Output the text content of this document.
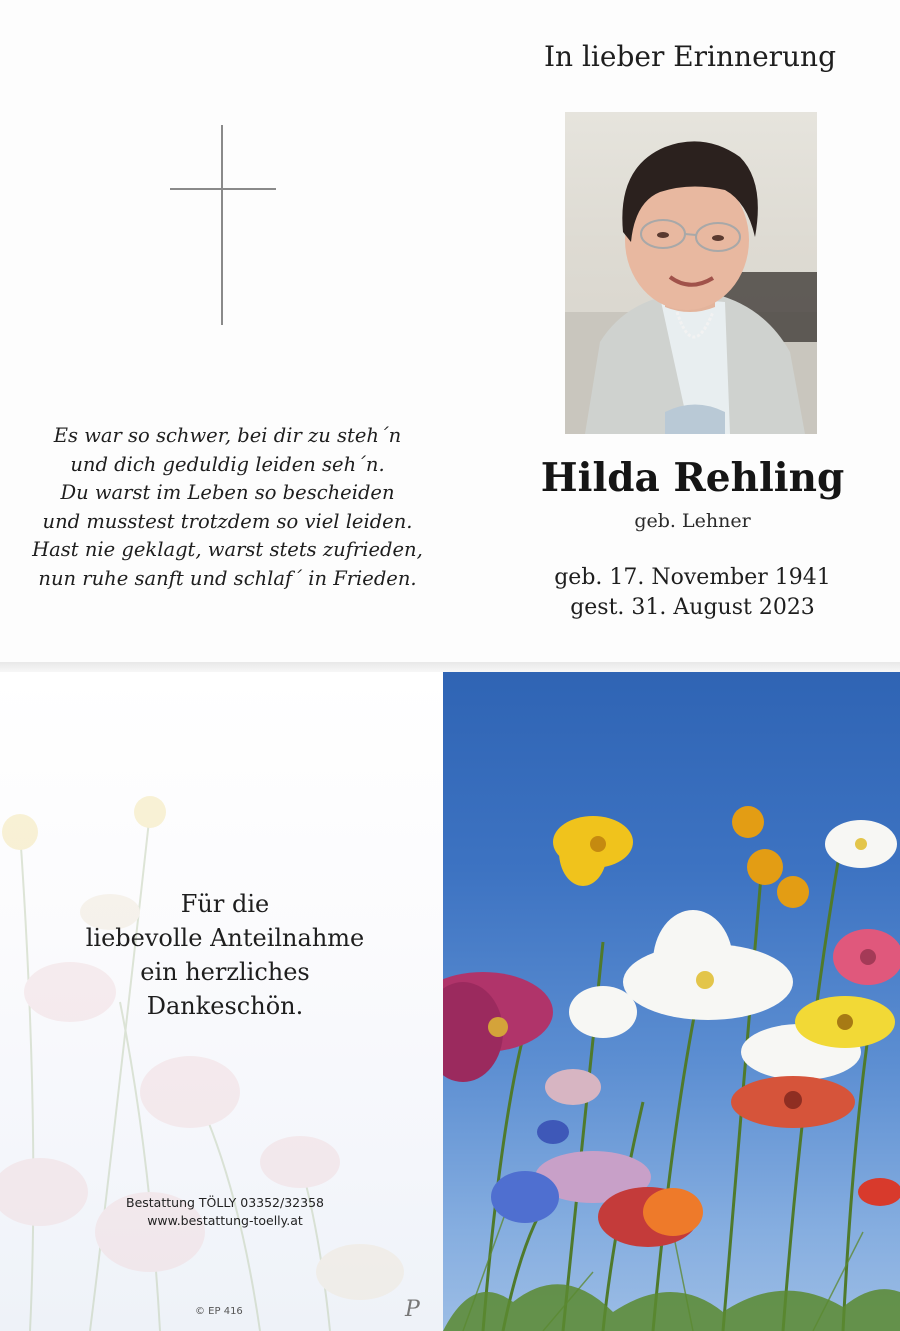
Es war so schwer, bei dir zu steh´n
und dich geduldig leiden seh´n.
Du warst im Leben so bescheiden
und musstest trotzdem so viel leiden.
Hast nie geklagt, warst stets zufrieden,
nun ruhe sanft und schlaf´ in Frieden.
In lieber Erinnerung
Hilda Rehling
geb. Lehner
geb. 17. November 1941
gest. 31. August 2023
Für die
liebevolle Anteilnahme
ein herzliches
Dankeschön.
Bestattung TÖLLY 03352/32358
www.bestattung-toelly.at
© EP 416	P
